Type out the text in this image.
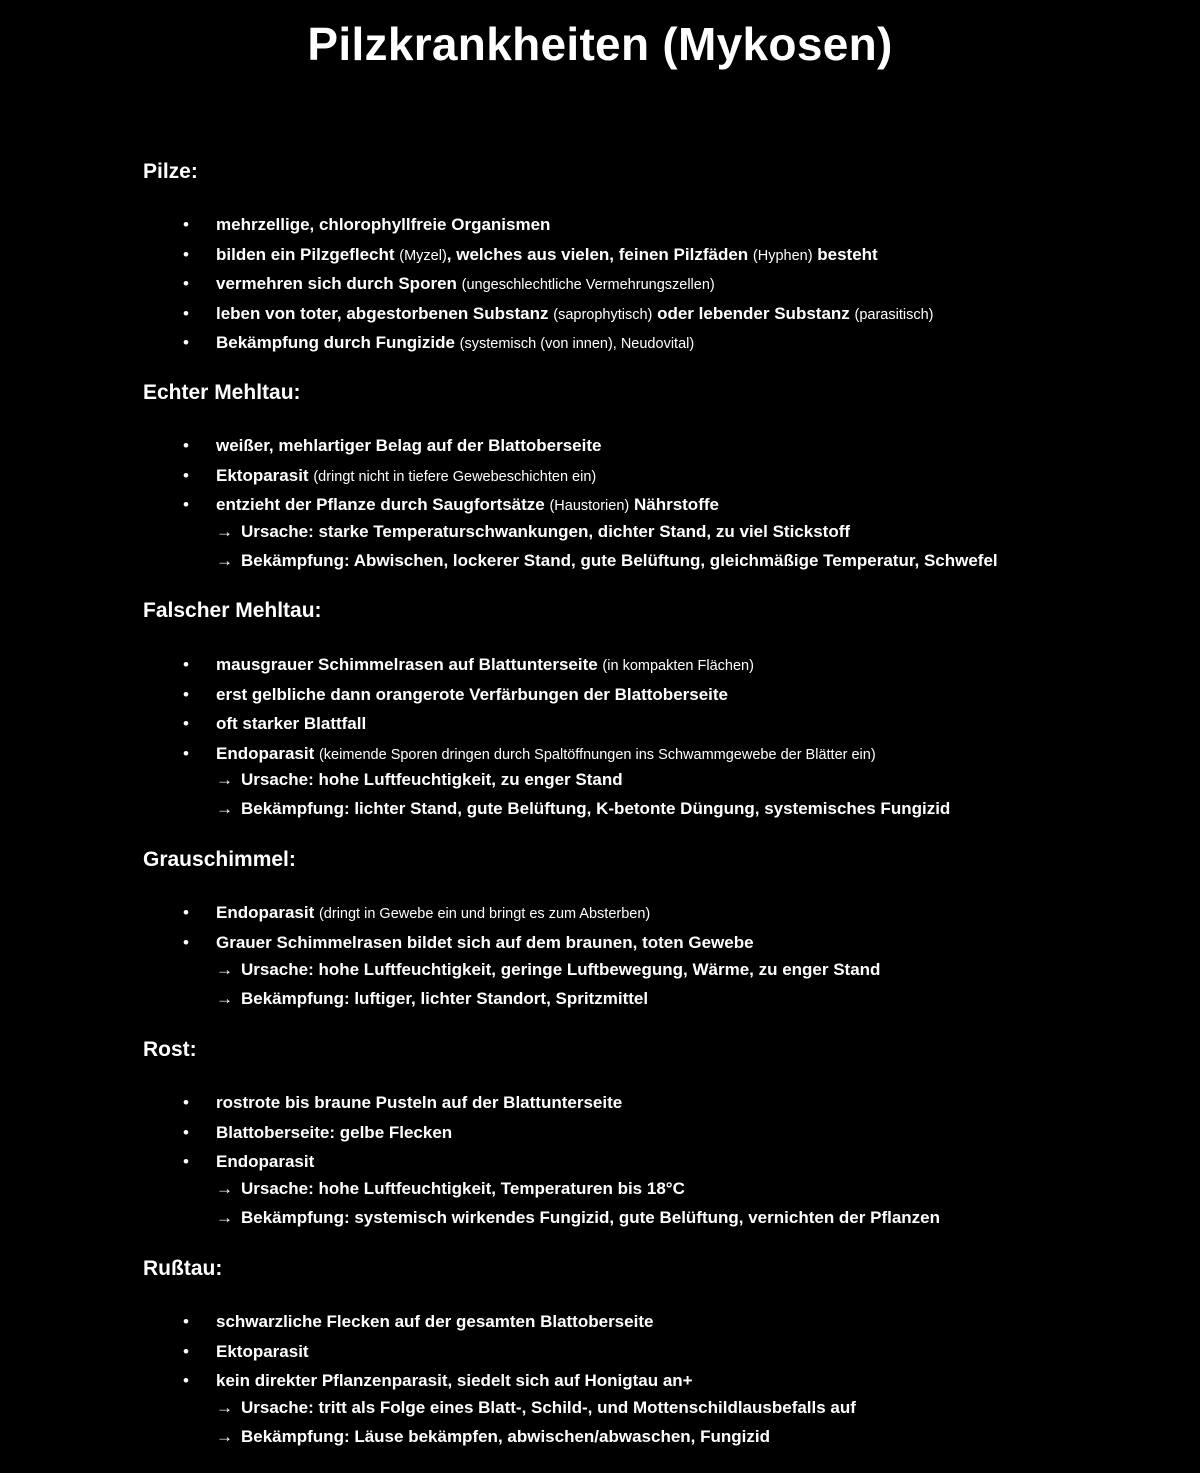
Pilzkrankheiten (Mykosen)
Pilze:
• mehrzellige, chlorophyllfreie Organismen
• bilden ein Pilzgeflecht (Myzel), welches aus vielen, feinen Pilzfäden (Hyphen) besteht
• vermehren sich durch Sporen (ungeschlechtliche Vermehrungszellen)
• leben von toter, abgestorbenen Substanz (saprophytisch) oder lebender Substanz (parasitisch)
• Bekämpfung durch Fungizide (systemisch (von innen), Neudovital)
Echter Mehltau:
• weißer, mehlartiger Belag auf der Blattoberseite
• Ektoparasit (dringt nicht in tiefere Gewebeschichten ein)
• entzieht der Pflanze durch Saugfortsätze (Haustorien) Nährstoffe
→ Ursache: starke Temperaturschwankungen, dichter Stand, zu viel Stickstoff
→ Bekämpfung: Abwischen, lockerer Stand, gute Belüftung, gleichmäßige Temperatur, Schwefel
Falscher Mehltau:
• mausgrauer Schimmelrasen auf Blattunterseite (in kompakten Flächen)
• erst gelbliche dann orangerote Verfärbungen der Blattoberseite
• oft starker Blattfall
• Endoparasit (keimende Sporen dringen durch Spaltöffnungen ins Schwammgewebe der Blätter ein)
→ Ursache: hohe Luftfeuchtigkeit, zu enger Stand
→ Bekämpfung: lichter Stand, gute Belüftung, K-betonte Düngung, systemisches Fungizid
Grauschimmel:
• Endoparasit (dringt in Gewebe ein und bringt es zum Absterben)
• Grauer Schimmelrasen bildet sich auf dem braunen, toten Gewebe
→ Ursache: hohe Luftfeuchtigkeit, geringe Luftbewegung, Wärme, zu enger Stand
→ Bekämpfung: luftiger, lichter Standort, Spritzmittel
Rost:
• rostrote bis braune Pusteln auf der Blattunterseite
• Blattoberseite: gelbe Flecken
• Endoparasit
→ Ursache: hohe Luftfeuchtigkeit, Temperaturen bis 18°C
→ Bekämpfung: systemisch wirkendes Fungizid, gute Belüftung, vernichten der Pflanzen
Rußtau:
• schwarzliche Flecken auf der gesamten Blattoberseite
• Ektoparasit
• kein direkter Pflanzenparasit, siedelt sich auf Honigtau an+
→ Ursache: tritt als Folge eines Blatt-, Schild-, und Mottenschildlausbefalls auf
→ Bekämpfung: Läuse bekämpfen, abwischen/abwaschen, Fungizid
